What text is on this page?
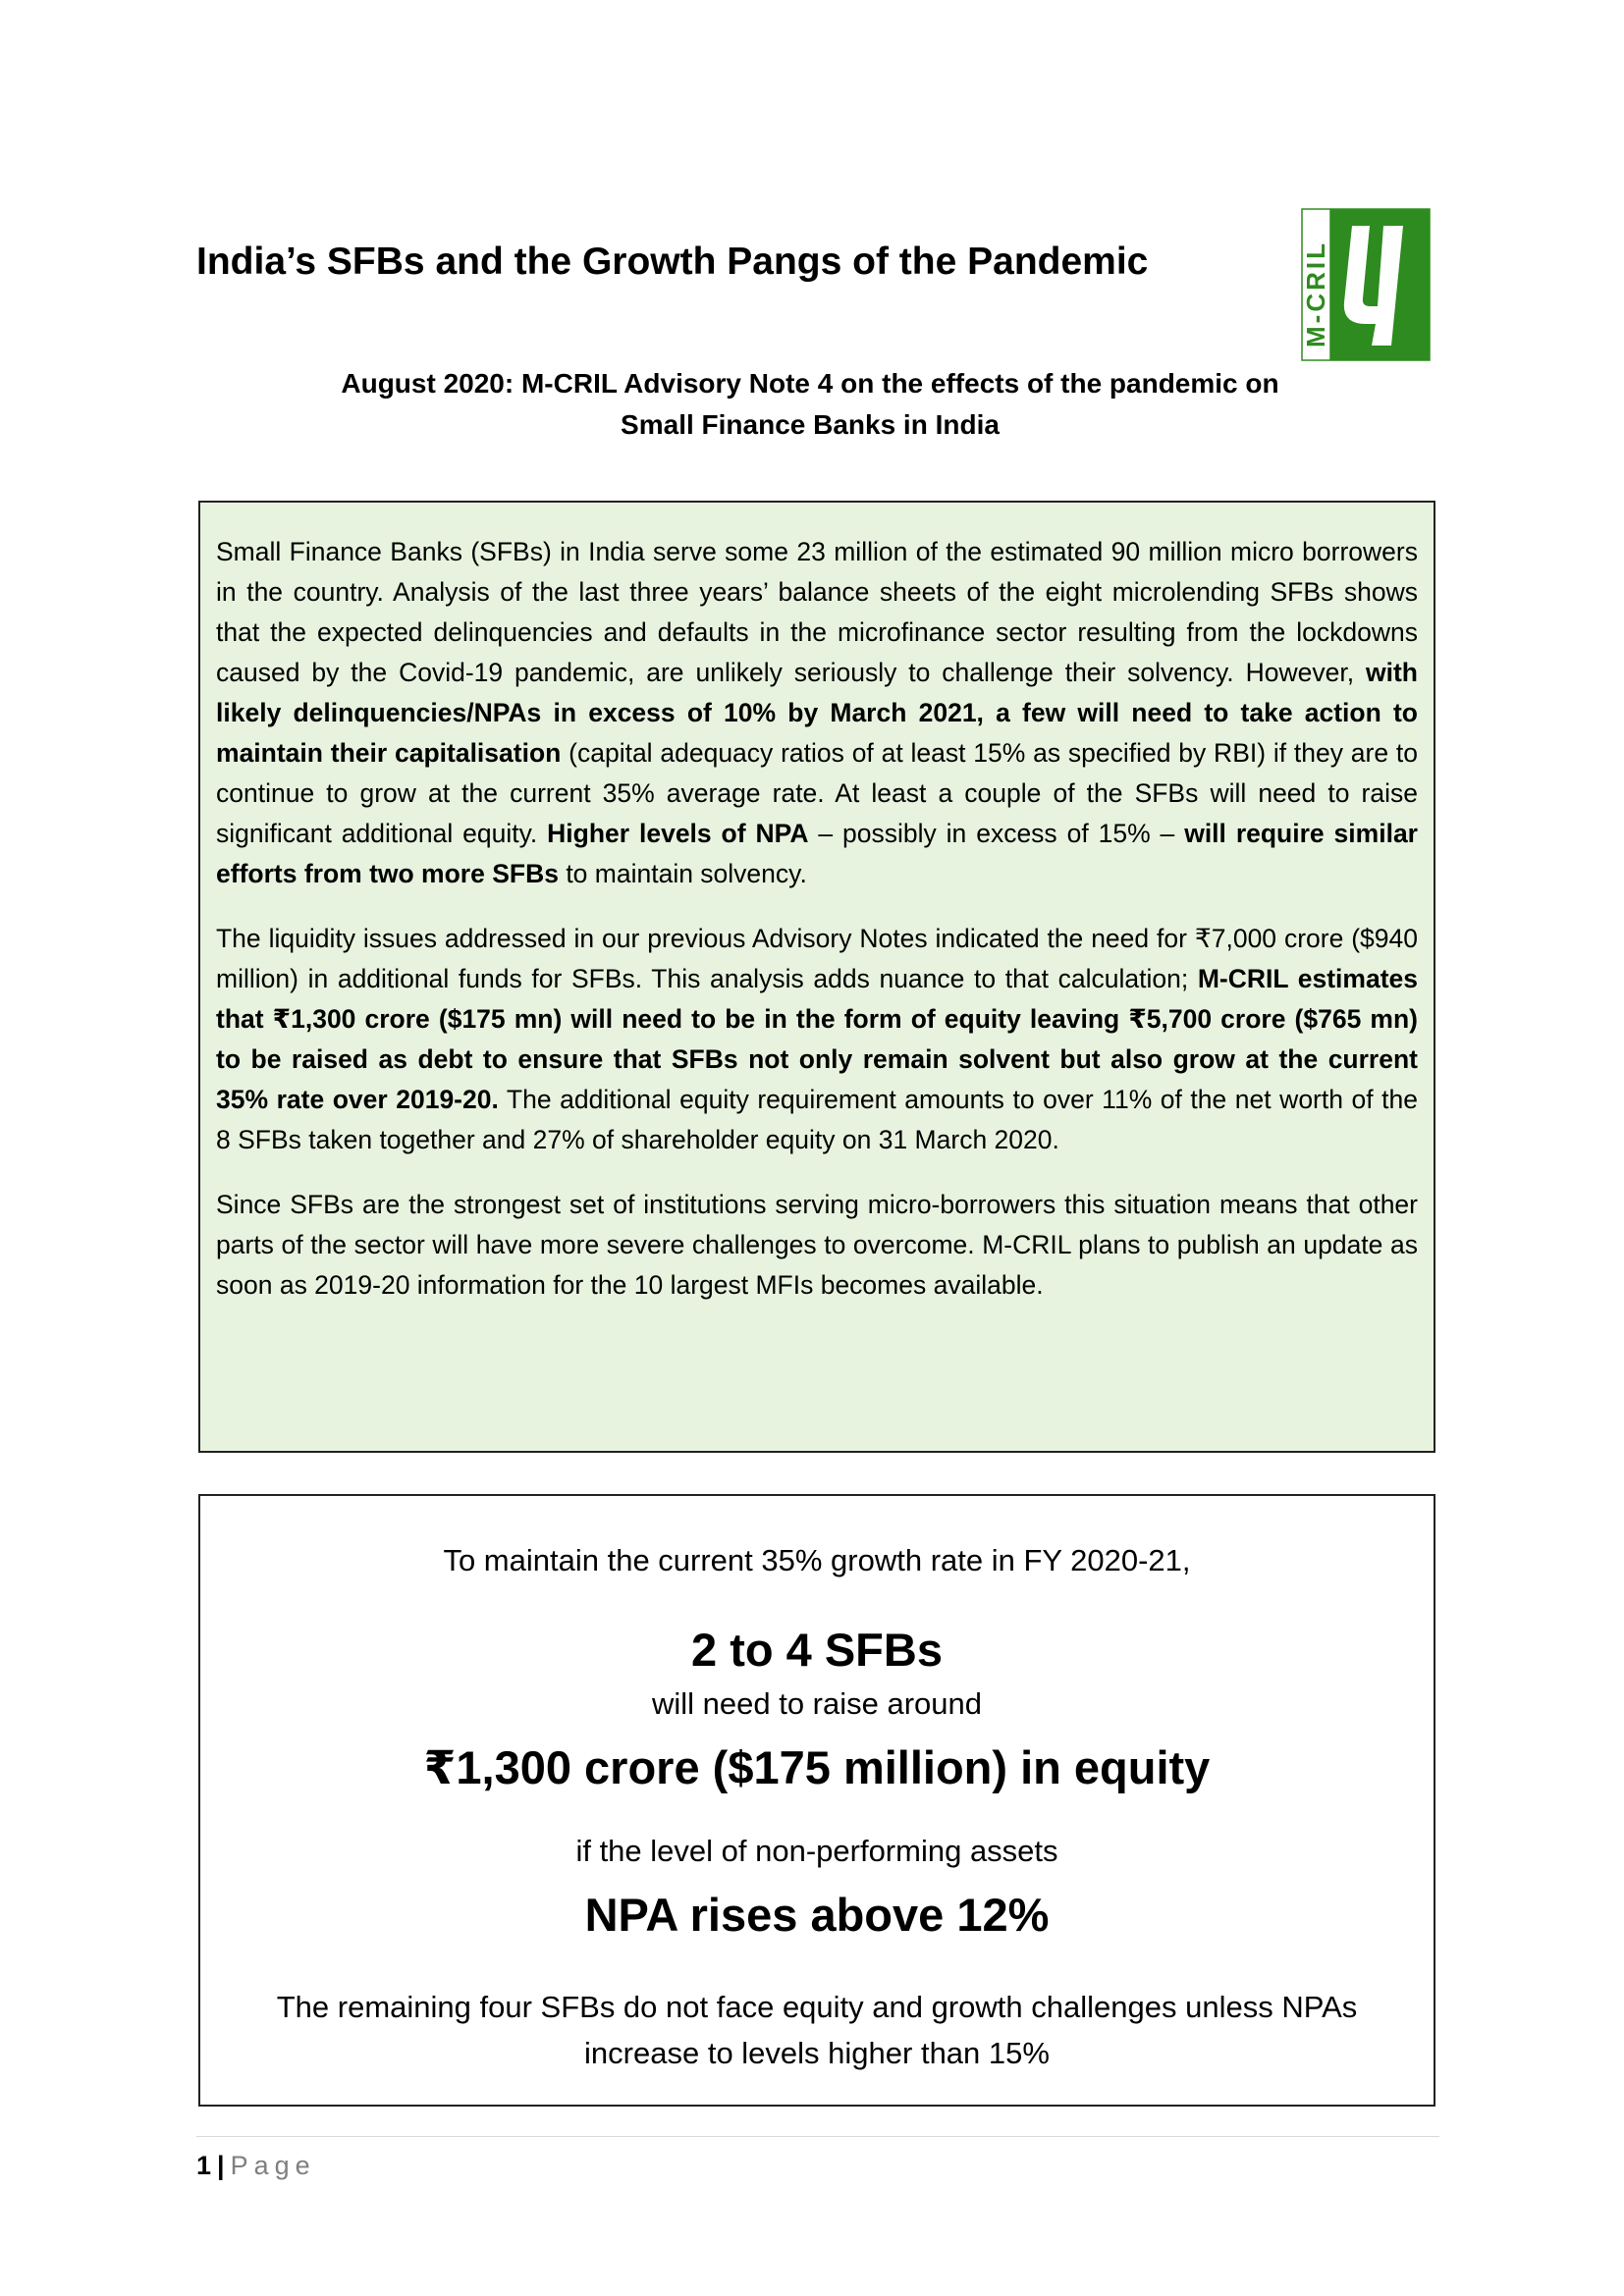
India’s SFBs and the Growth Pangs of the Pandemic	M-CRIL
August 2020: M-CRIL Advisory Note 4 on the effects of the pandemic on
Small Finance Banks in India

Small Finance Banks (SFBs) in India serve some 23 million of the estimated 90 million micro borrowers in the country. Analysis of the last three years’ balance sheets of the eight microlending SFBs shows that the expected delinquencies and defaults in the microfinance sector resulting from the lockdowns caused by the Covid-19 pandemic, are unlikely seriously to challenge their solvency. However, with likely delinquencies/NPAs in excess of 10% by March 2021, a few will need to take action to maintain their capitalisation (capital adequacy ratios of at least 15% as specified by RBI) if they are to continue to grow at the current 35% average rate. At least a couple of the SFBs will need to raise significant additional equity. Higher levels of NPA – possibly in excess of 15% – will require similar efforts from two more SFBs to maintain solvency.

The liquidity issues addressed in our previous Advisory Notes indicated the need for ₹7,000 crore ($940 million) in additional funds for SFBs. This analysis adds nuance to that calculation; M-CRIL estimates that ₹1,300 crore ($175 mn) will need to be in the form of equity leaving ₹5,700 crore ($765 mn) to be raised as debt to ensure that SFBs not only remain solvent but also grow at the current 35% rate over 2019-20. The additional equity requirement amounts to over 11% of the net worth of the 8 SFBs taken together and 27% of shareholder equity on 31 March 2020.

Since SFBs are the strongest set of institutions serving micro-borrowers this situation means that other parts of the sector will have more severe challenges to overcome. M-CRIL plans to publish an update as soon as 2019-20 information for the 10 largest MFIs becomes available.

To maintain the current 35% growth rate in FY 2020-21,
2 to 4 SFBs
will need to raise around
₹1,300 crore ($175 million) in equity
if the level of non-performing assets
NPA rises above 12%
The remaining four SFBs do not face equity and growth challenges unless NPAs increase to levels higher than 15%
1 | Page
